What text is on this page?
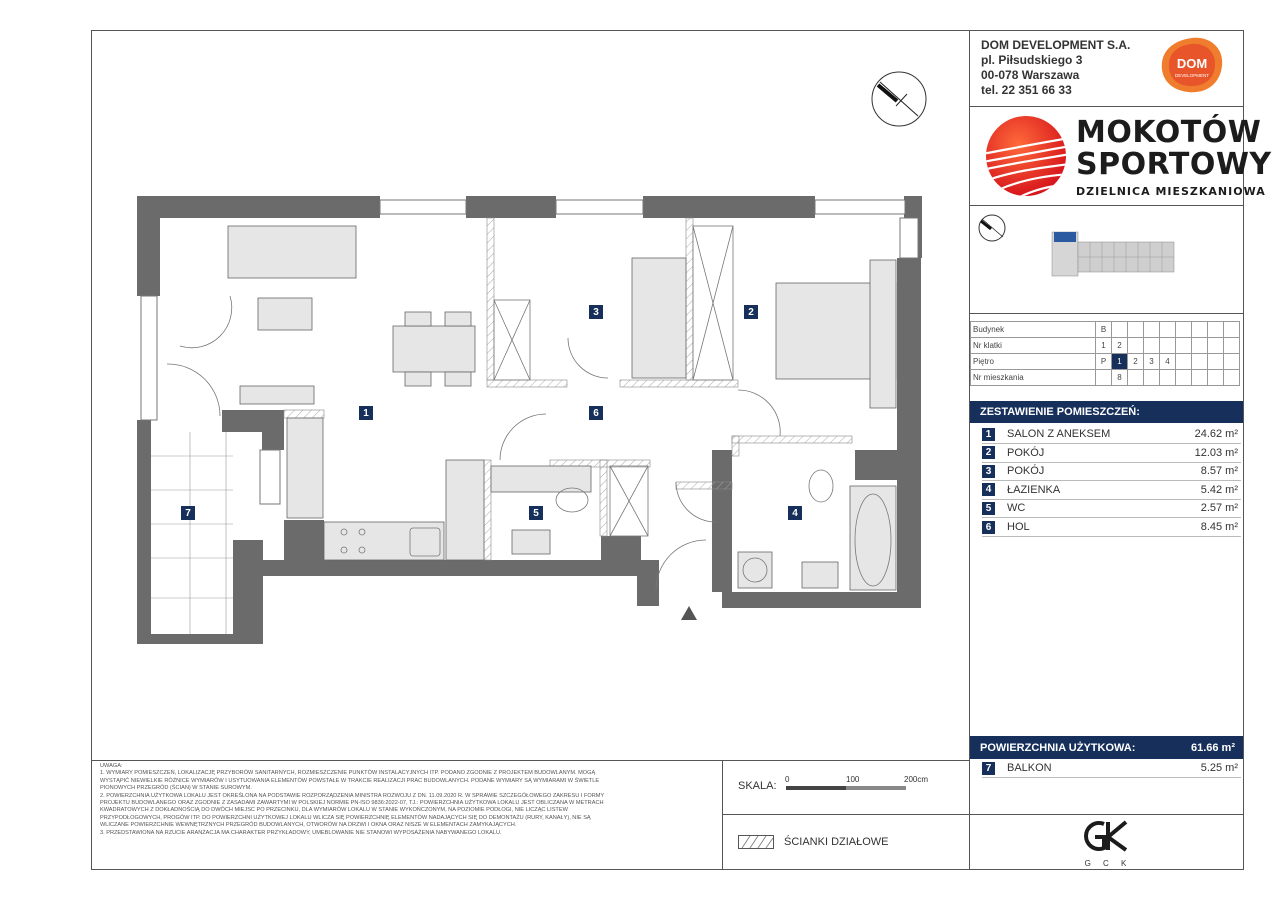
DOM DEVELOPMENT S.A.
pl. Piłsudskiego 3
00-078 Warszawa
tel. 22 351 66 33
DOM
DEVELOPMENT
MOKOTÓW
SPORTOWY
DZIELNICA MIESZKANIOWA
Budynek	B								
Nr klatki	1	2							
Piętro	P	1	2	3	4				
Nr mieszkania		8							
ZESTAWIENIE POMIESZCZEŃ:
1	SALON Z ANEKSEM	24.62 m²
2	POKÓJ	12.03 m²
3	POKÓJ	8.57 m²
4	ŁAZIENKA	5.42 m²
5	WC	2.57 m²
6	HOL	8.45 m²
POWIERZCHNIA UŻYTKOWA:	61.66 m²
7	BALKON	5.25 m²
UWAGA:
1. WYMIARY POMIESZCZEŃ, LOKALIZACJĘ PRZYBORÓW SANITARNYCH, ROZMIESZCZENIE PUNKTÓW INSTALACYJNYCH ITP. PODANO ZGODNIE Z PROJEKTEM BUDOWLANYM. MOGĄ
WYSTĄPIĆ NIEWIELKIE RÓŻNICE WYMIARÓW I USYTUOWANIA ELEMENTÓW POWSTAŁE W TRAKCIE REALIZACJI PRAC BUDOWLANYCH. PODANE WYMIARY SĄ WYMIARAMI W ŚWIETLE
PIONOWYCH PRZEGRÓD (ŚCIAN) W STANIE SUROWYM.
2. POWIERZCHNIA UŻYTKOWA LOKALU JEST OKREŚLONA NA PODSTAWIE ROZPORZĄDZENIA MINISTRA ROZWOJU Z DN. 11.09.2020 R. W SPRAWIE SZCZEGÓŁOWEGO ZAKRESU I FORMY
PROJEKTU BUDOWLANEGO ORAZ ZGODNIE Z ZASADAMI ZAWARTYMI W POLSKIEJ NORMIE PN-ISO 9836:2022-07, TJ.: POWIERZCHNIA UŻYTKOWA LOKALU JEST OBLICZANA W METRACH
KWADRATOWYCH Z DOKŁADNOŚCIĄ DO DWÓCH MIEJSC PO PRZECINKU, DLA WYMIARÓW LOKALU W STANIE WYKOŃCZONYM, NA POZIOMIE PODŁOGI, NIE LICZĄC LISTEW
PRZYPODŁOGOWYCH, PROGÓW ITP. DO POWIERZCHNI UŻYTKOWEJ LOKALU WLICZA SIĘ POWIERZCHNIĘ ELEMENTÓW NADAJĄCYCH SIĘ DO DEMONTAŻU (RURY, KANAŁY), NIE SĄ
WLICZANE POWIERZCHNIE WEWNĘTRZNYCH PRZEGRÓD BUDOWLANYCH, OTWORÓW NA DRZWI I OKNA ORAZ NISZE W ELEMENTACH ZAMYKAJĄCYCH.
3. PRZEDSTAWIONA NA RZUCIE ARANŻACJA MA CHARAKTER PRZYKŁADOWY, UMEBLOWANIE NIE STANOWI WYPOSAŻENIA NABYWANEGO LOKALU.
SKALA:
0	100	200cm
ŚCIANKI DZIAŁOWE
G C K
1
2
3
4
5
6
7
